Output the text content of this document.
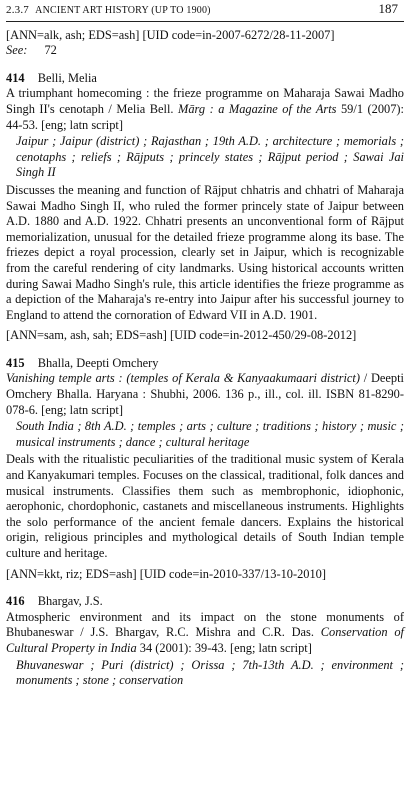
2.3.7 ANCIENT ART HISTORY (UP TO 1900)	187

[ANN=alk, ash; EDS=ash] [UID code=in-2007-6272/28-11-2007]

See: 72

414 Belli, Melia

A triumphant homecoming : the frieze programme on Maharaja Sawai Madho Singh II's cenotaph / Melia Bell. Mārg : a Magazine of the Arts 59/1 (2007): 44-53. [eng; latn script]

Jaipur ; Jaipur (district) ; Rajasthan ; 19th A.D. ; architecture ; memorials ; cenotaphs ; reliefs ; Rājputs ; princely states ; Rājput period ; Sawai Jai Singh II

Discusses the meaning and function of Rājput chhatris and chhatri of Maharaja Sawai Madho Singh II, who ruled the former princely state of Jaipur between A.D. 1880 and A.D. 1922. Chhatri presents an unconventional form of Rājput memorialization, unusual for the detailed frieze programme along its base. The friezes depict a royal procession, clearly set in Jaipur, which is recognizable from the careful rendering of city landmarks. Using historical accounts written during Sawai Madho Singh's rule, this article identifies the frieze programme as a depiction of the Maharaja's re-entry into Jaipur after his successful journey to England to attend the cornoration of Edward VII in A.D. 1901.

[ANN=sam, ash, sah; EDS=ash] [UID code=in-2012-450/29-08-2012]

415 Bhalla, Deepti Omchery

Vanishing temple arts : (temples of Kerala & Kanyaakumaari district) / Deepti Omchery Bhalla. Haryana : Shubhi, 2006. 136 p., ill., col. ill. ISBN 81-8290-078-6. [eng; latn script]

South India ; 8th A.D. ; temples ; arts ; culture ; traditions ; history ; music ; musical instruments ; dance ; cultural heritage

Deals with the ritualistic peculiarities of the traditional music system of Kerala and Kanyakumari temples. Focuses on the classical, traditional, folk dances and musical instruments. Classifies them such as membrophonic, idiophonic, aerophonic, chordophonic, castanets and miscellaneous instruments. Highlights the solo performance of the ancient female dancers. Explains the historical origin, religious principles and mythological details of South Indian temple culture and heritage.

[ANN=kkt, riz; EDS=ash] [UID code=in-2010-337/13-10-2010]

416 Bhargav, J.S.

Atmospheric environment and its impact on the stone monuments of Bhubaneswar / J.S. Bhargav, R.C. Mishra and C.R. Das. Conservation of Cultural Property in India 34 (2001): 39-43. [eng; latn script]

Bhuvaneswar ; Puri (district) ; Orissa ; 7th-13th A.D. ; environment ; monuments ; stone ; conservation
